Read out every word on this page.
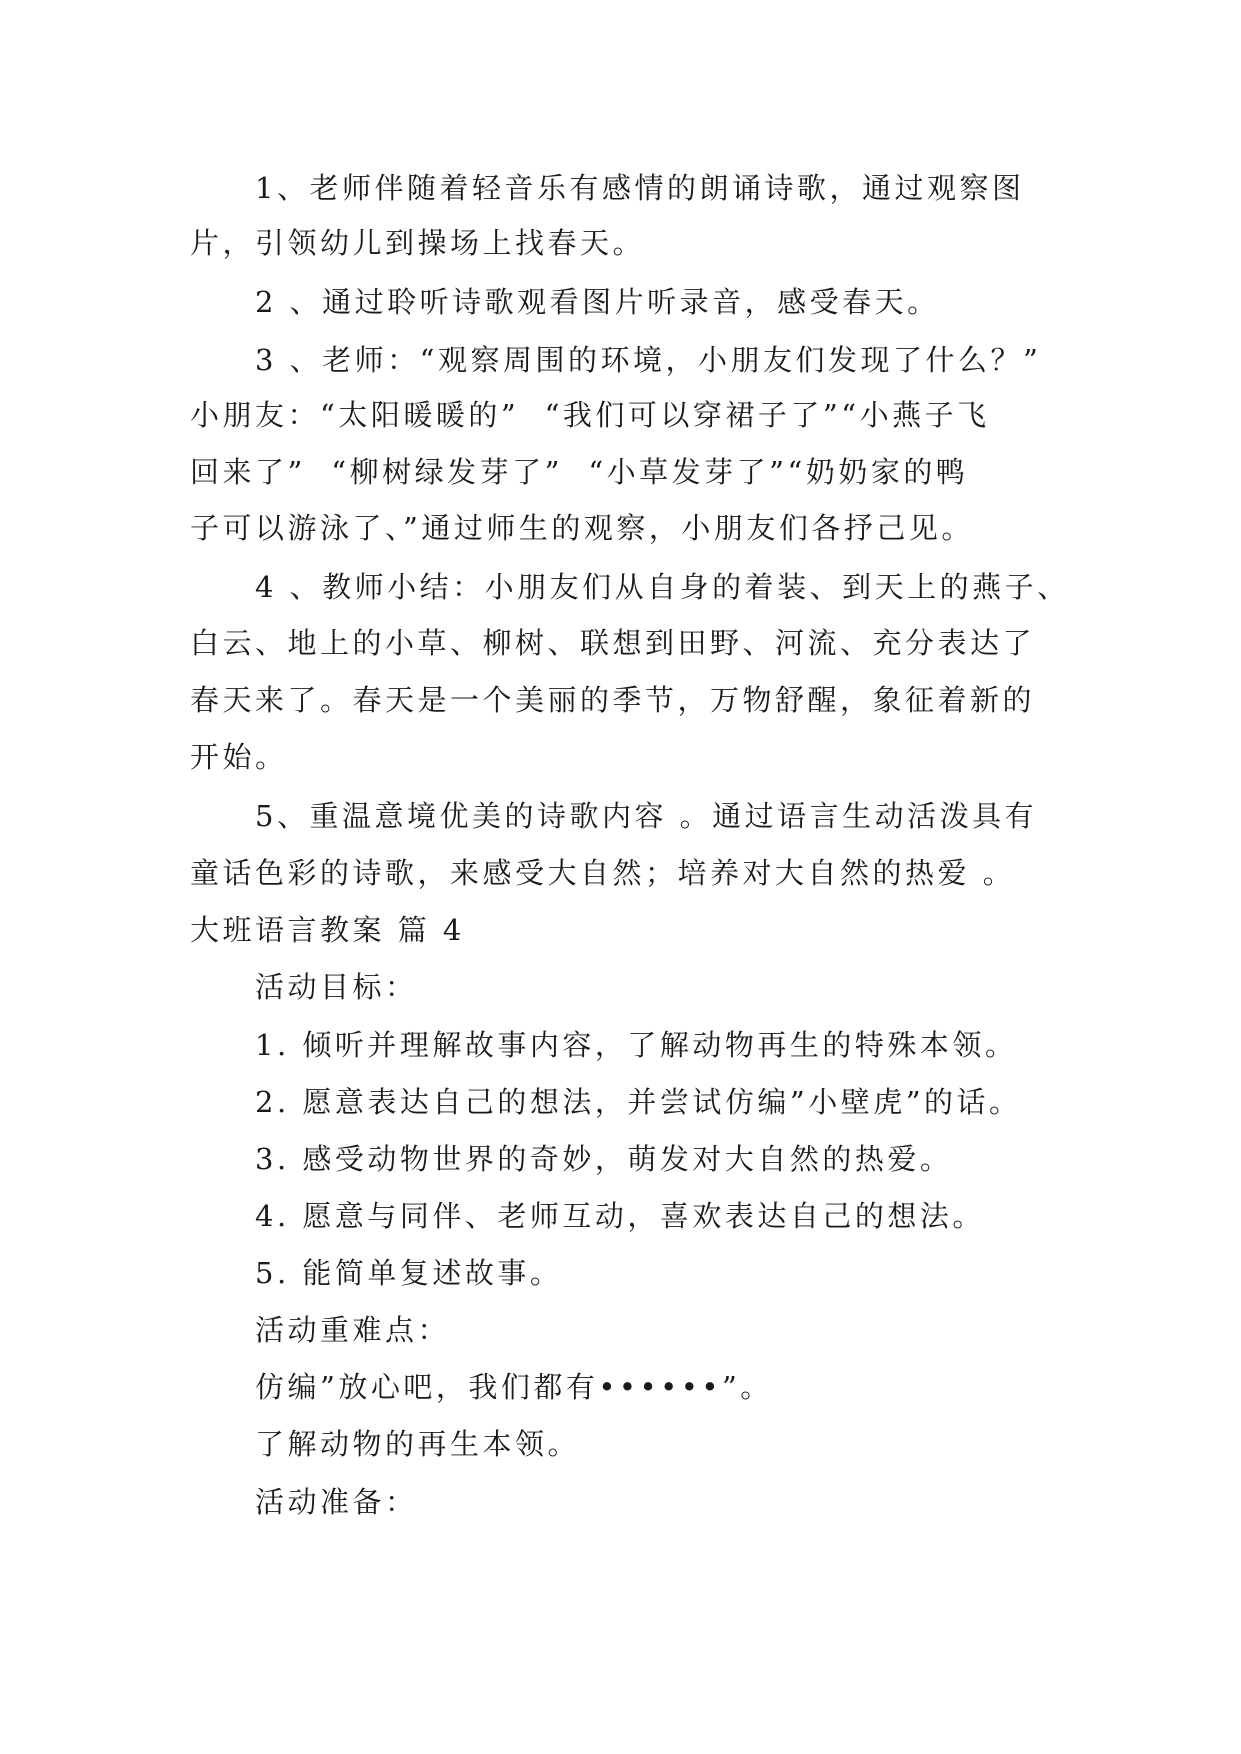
1、老师伴随着轻音乐有感情的朗诵诗歌，通过观察图
片，引领幼儿到操场上找春天。
2 、通过聆听诗歌观看图片听录音，感受春天。
3 、老师：“观察周围的环境，小朋友们发现了什么？”
小朋友：“太阳暖暖的”  “我们可以穿裙子了”“小燕子飞
回来了”  “柳树绿发芽了”  “小草发芽了”“奶奶家的鸭
子可以游泳了、”通过师生的观察，小朋友们各抒己见。
4 、教师小结：小朋友们从自身的着装、到天上的燕子、
白云、地上的小草、柳树、联想到田野、河流、充分表达了
春天来了。春天是一个美丽的季节，万物舒醒，象征着新的
开始。
5、重温意境优美的诗歌内容 。通过语言生动活泼具有
童话色彩的诗歌，来感受大自然；培养对大自然的热爱 。
大班语言教案 篇 4
活动目标：
1. 倾听并理解故事内容，了解动物再生的特殊本领。
2. 愿意表达自己的想法，并尝试仿编”小壁虎”的话。
3. 感受动物世界的奇妙，萌发对大自然的热爱。
4. 愿意与同伴、老师互动，喜欢表达自己的想法。
5. 能简单复述故事。
活动重难点：
仿编”放心吧，我们都有••••••”。
了解动物的再生本领。
活动准备：
